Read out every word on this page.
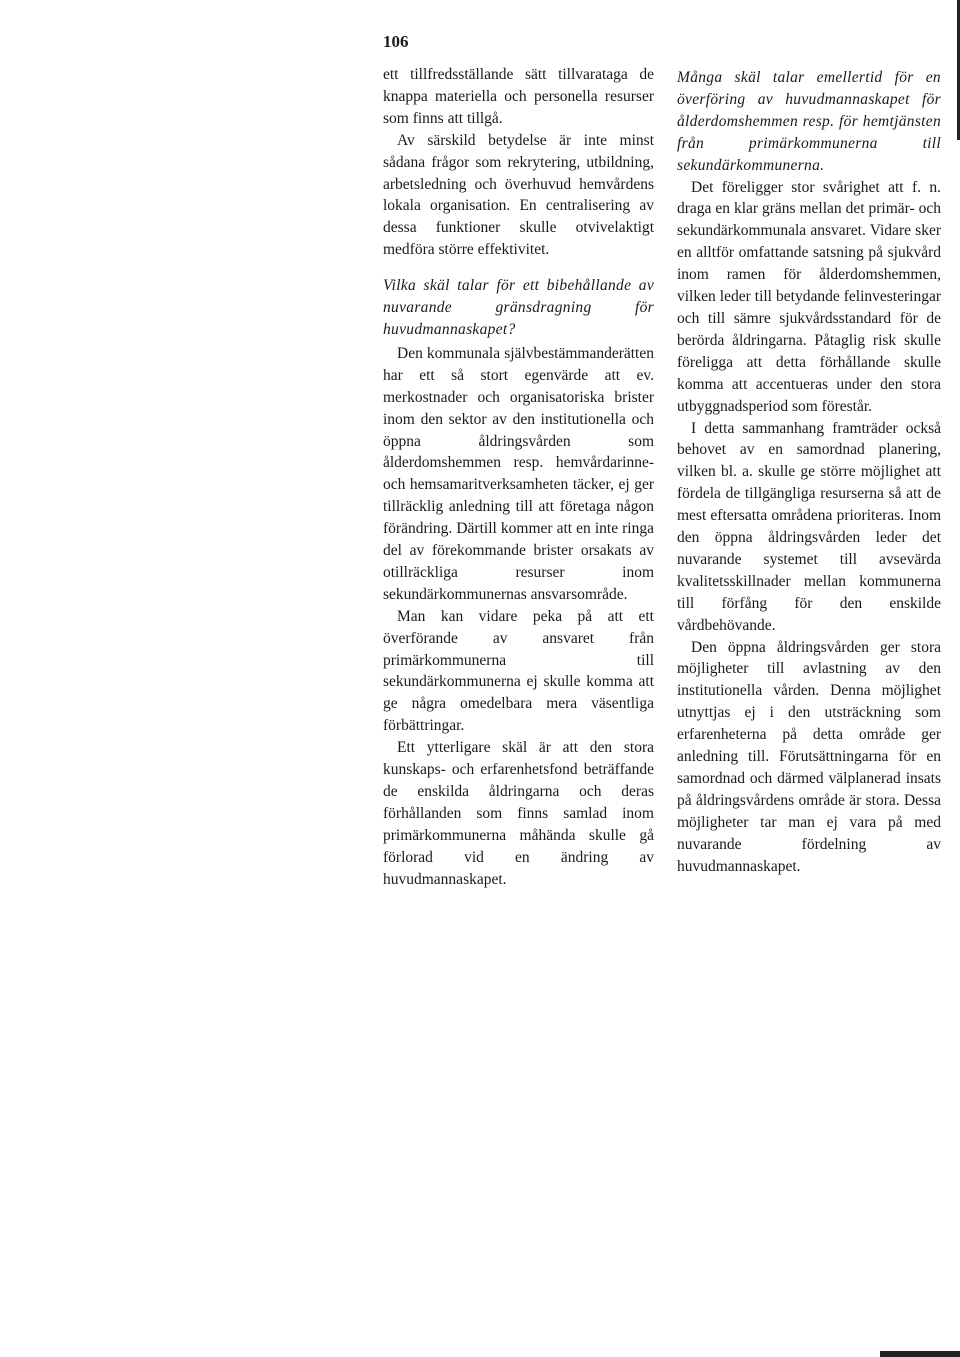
106

ett tillfredsställande sätt tillvaratagа de knappa materiella och personella resurser som finns att tillgå.

Av särskild betydelse är inte minst sådana frågor som rekrytering, utbildning, arbetsledning och överhuvud hemvårdens lokala organisation. En centralisering av dessa funktioner skulle otvivelaktigt medföra större effektivitet.

Vilka skäl talar för ett bibehållande av nuvarande gränsdragning för huvudmannaskapet?

Den kommunala självbestämmanderätten har ett så stort egenvärde att ev. merkostnader och organisatoriska brister inom den sektor av den institutionella och öppna åldringsvården som ålderdomshemmen resp. hemvårdarinne- och hemsamaritverksamheten täcker, ej ger tillräcklig anledning till att företaga någon förändring. Därtill kommer att en inte ringa del av förekommande brister orsakats av otillräckliga resurser inom sekundärkommunernas ansvarsområde.

Man kan vidare peka på att ett överförande av ansvaret från primärkommunerna till sekundärkommunerna ej skulle komma att ge några omedelbara mera väsentliga förbättringar.

Ett ytterligare skäl är att den stora kunskaps- och erfarenhetsfond beträffande de enskilda åldringarna och deras förhållanden som finns samlad inom primärkommunerna måhända skulle gå förlorad vid en ändring av huvudmannaskapet.

Många skäl talar emellertid för en överföring av huvudmannaskapet för ålderdomshemmen resp. för hemtjänsten från primärkommunerna till sekundärkommunerna.

Det föreligger stor svårighet att f. n. draga en klar gräns mellan det primär- och sekundärkommunala ansvaret. Vidare sker en alltför omfattande satsning på sjukvård inom ramen för ålderdomshemmen, vilken leder till betydande felinvesteringar och till sämre sjukvårdsstandard för de berörda åldringarna. Påtaglig risk skulle föreligga att detta förhållande skulle komma att accentueras under den stora utbyggnadsperiod som förestår.

I detta sammanhang framträder också behovet av en samordnad planering, vilken bl. a. skulle ge större möjlighet att fördela de tillgängliga resurserna så att de mest eftersatta områdena prioriteras. Inom den öppna åldringsvården leder det nuvarande systemet till avsevärda kvalitetsskillnader mellan kommunerna till förfång för den enskilde vårdbehövande.

Den öppna åldringsvården ger stora möjligheter till avlastning av den institutionella vården. Denna möjlighet utnyttjas ej i den utsträckning som erfarenheterna på detta område ger anledning till. Förutsättningarna för en samordnad och därmed välplanerad insats på åldringsvårdens område är stora. Dessa möjligheter tar man ej vara på med nuvarande fördelning av huvudmannaskapet.
